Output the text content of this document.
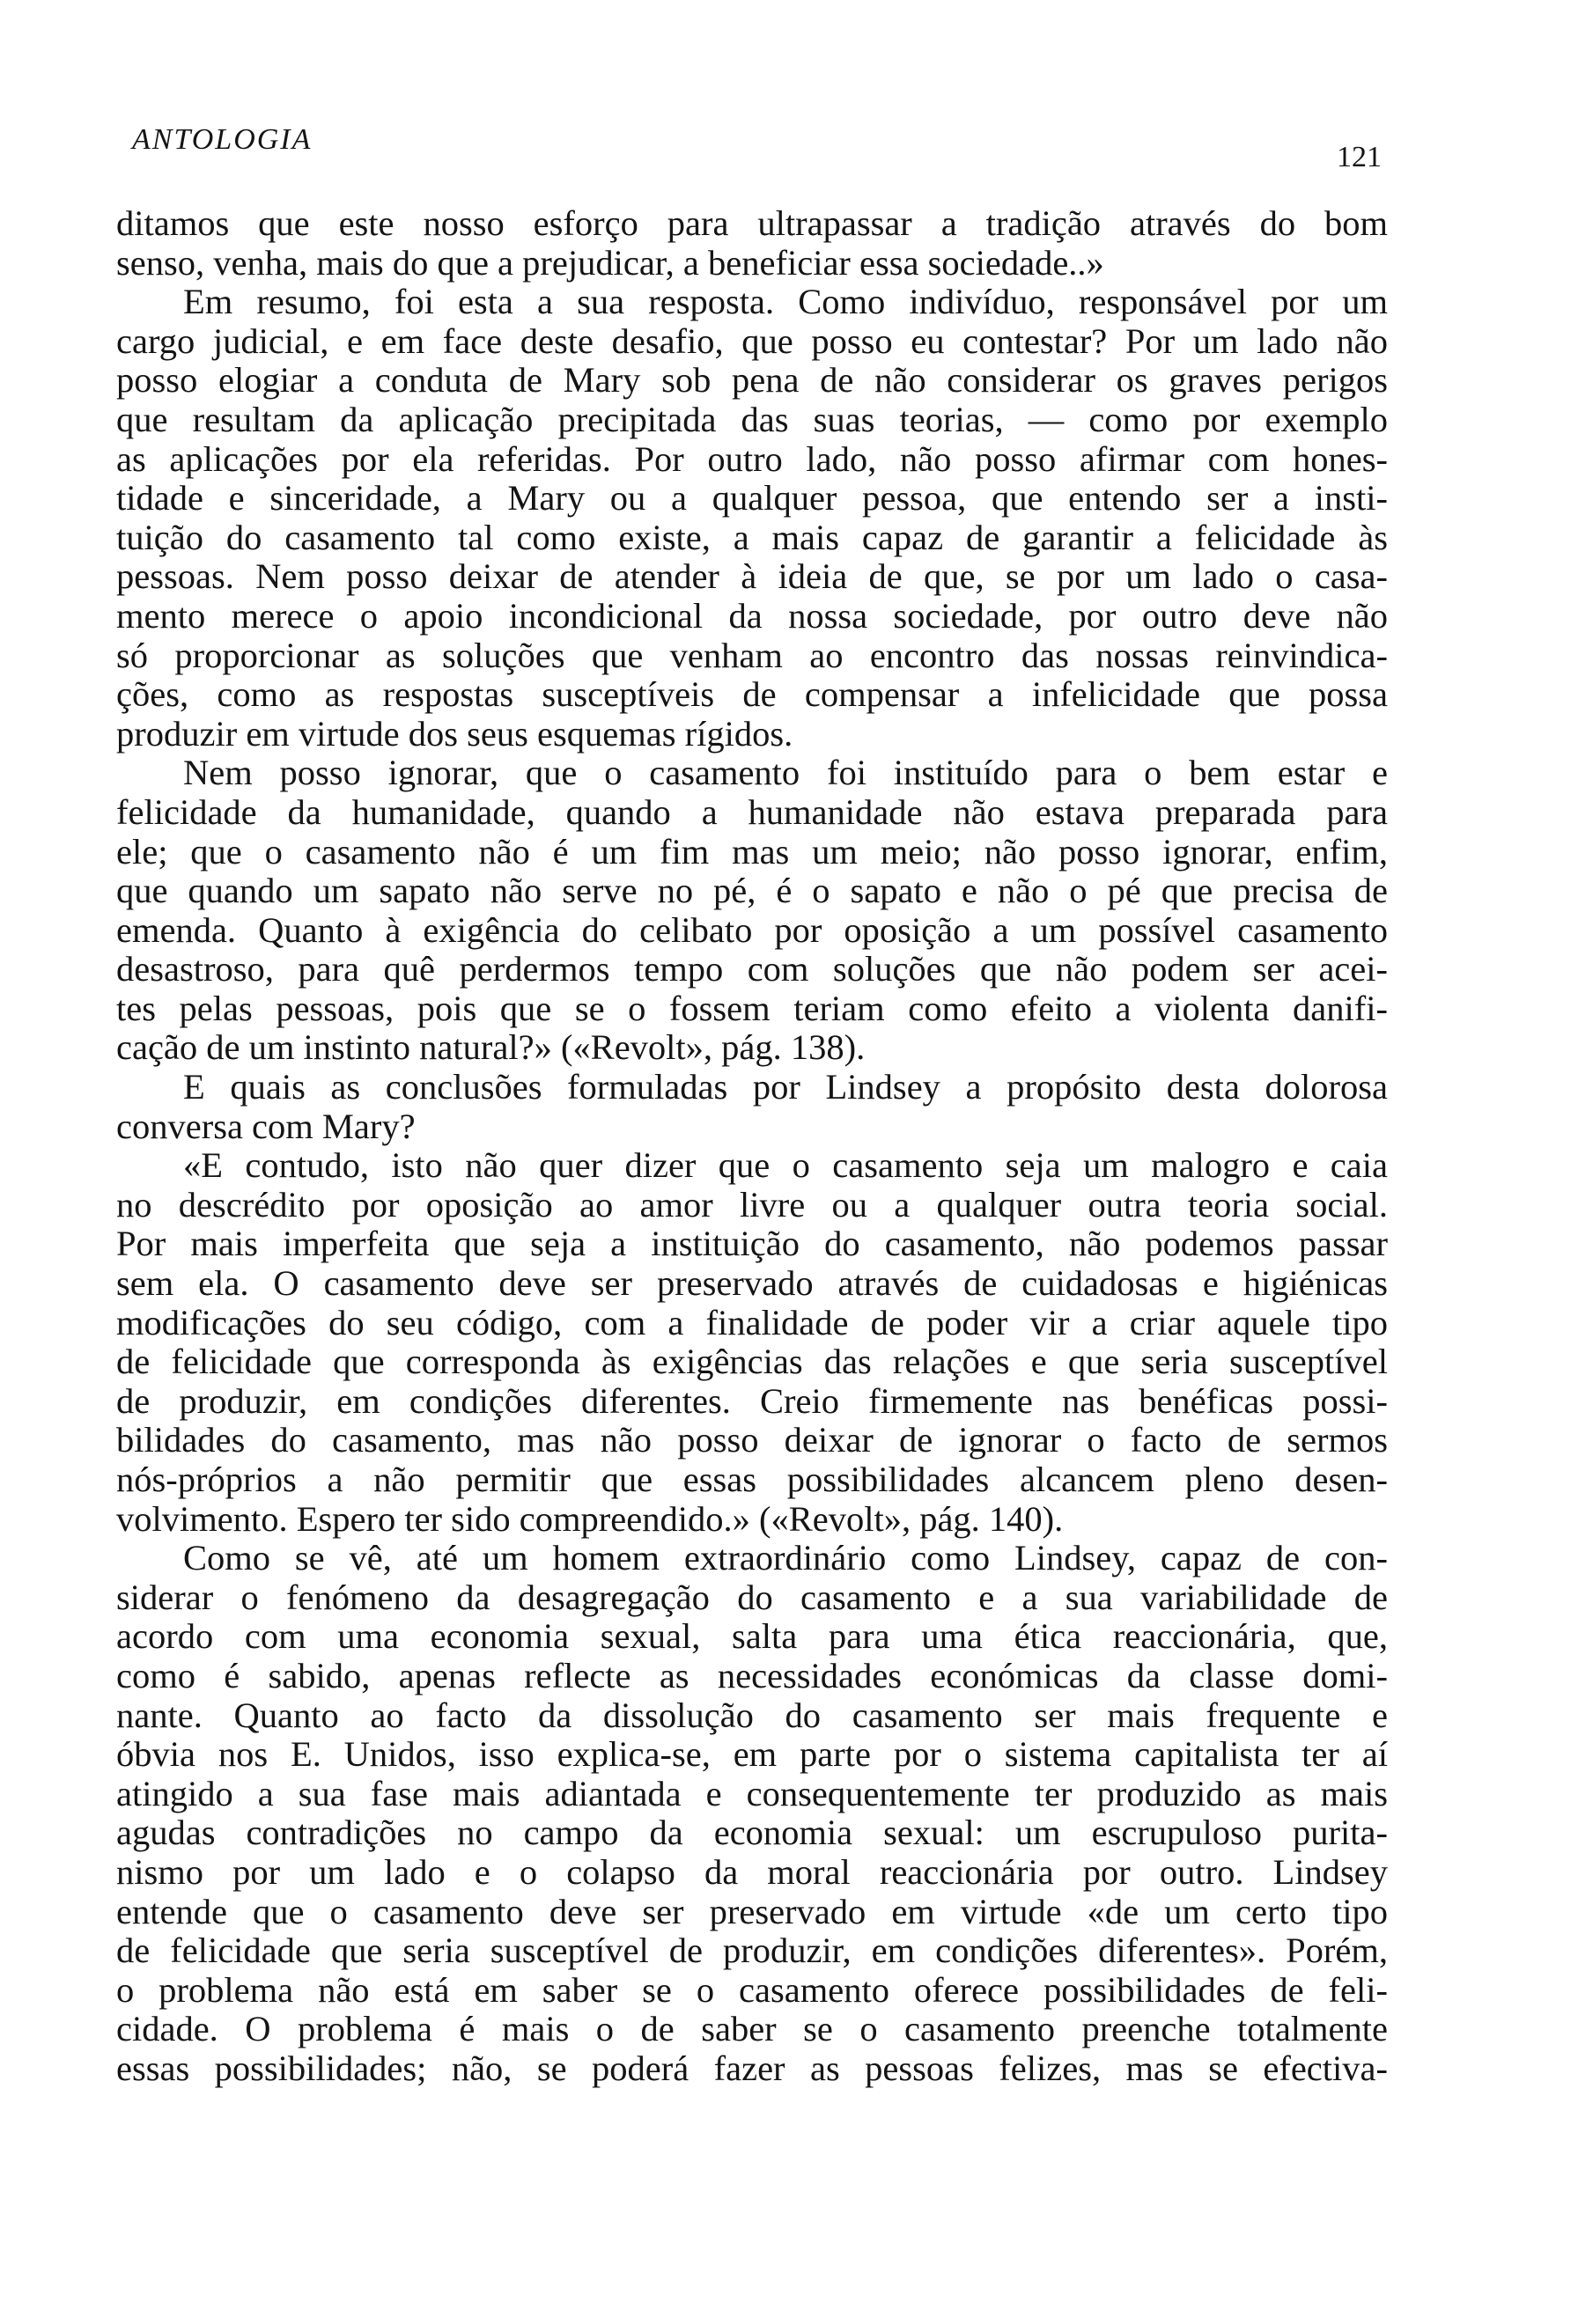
ANTOLOGIA
121
ditamos que este nosso esforço para ultrapassar a tradição através do bom
senso, venha, mais do que a prejudicar, a beneficiar essa sociedade..»
Em resumo, foi esta a sua resposta. Como indivíduo, responsável por um
cargo judicial, e em face deste desafio, que posso eu contestar? Por um lado não
posso elogiar a conduta de Mary sob pena de não considerar os graves perigos
que resultam da aplicação precipitada das suas teorias, — como por exemplo
as aplicações por ela referidas. Por outro lado, não posso afirmar com hones-
tidade e sinceridade, a Mary ou a qualquer pessoa, que entendo ser a insti-
tuição do casamento tal como existe, a mais capaz de garantir a felicidade às
pessoas. Nem posso deixar de atender à ideia de que, se por um lado o casa-
mento merece o apoio incondicional da nossa sociedade, por outro deve não
só proporcionar as soluções que venham ao encontro das nossas reinvindica-
ções, como as respostas susceptíveis de compensar a infelicidade que possa
produzir em virtude dos seus esquemas rígidos.
Nem posso ignorar, que o casamento foi instituído para o bem estar e
felicidade da humanidade, quando a humanidade não estava preparada para
ele; que o casamento não é um fim mas um meio; não posso ignorar, enfim,
que quando um sapato não serve no pé, é o sapato e não o pé que precisa de
emenda. Quanto à exigência do celibato por oposição a um possível casamento
desastroso, para quê perdermos tempo com soluções que não podem ser acei-
tes pelas pessoas, pois que se o fossem teriam como efeito a violenta danifi-
cação de um instinto natural?» («Revolt», pág. 138).
E quais as conclusões formuladas por Lindsey a propósito desta dolorosa
conversa com Mary?
«E contudo, isto não quer dizer que o casamento seja um malogro e caia
no descrédito por oposição ao amor livre ou a qualquer outra teoria social.
Por mais imperfeita que seja a instituição do casamento, não podemos passar
sem ela. O casamento deve ser preservado através de cuidadosas e higiénicas
modificações do seu código, com a finalidade de poder vir a criar aquele tipo
de felicidade que corresponda às exigências das relações e que seria susceptível
de produzir, em condições diferentes. Creio firmemente nas benéficas possi-
bilidades do casamento, mas não posso deixar de ignorar o facto de sermos
nós-próprios a não permitir que essas possibilidades alcancem pleno desen-
volvimento. Espero ter sido compreendido.» («Revolt», pág. 140).
Como se vê, até um homem extraordinário como Lindsey, capaz de con-
siderar o fenómeno da desagregação do casamento e a sua variabilidade de
acordo com uma economia sexual, salta para uma ética reaccionária, que,
como é sabido, apenas reflecte as necessidades económicas da classe domi-
nante. Quanto ao facto da dissolução do casamento ser mais frequente e
óbvia nos E. Unidos, isso explica-se, em parte por o sistema capitalista ter aí
atingido a sua fase mais adiantada e consequentemente ter produzido as mais
agudas contradições no campo da economia sexual: um escrupuloso purita-
nismo por um lado e o colapso da moral reaccionária por outro. Lindsey
entende que o casamento deve ser preservado em virtude «de um certo tipo
de felicidade que seria susceptível de produzir, em condições diferentes». Porém,
o problema não está em saber se o casamento oferece possibilidades de feli-
cidade. O problema é mais o de saber se o casamento preenche totalmente
essas possibilidades; não, se poderá fazer as pessoas felizes, mas se efectiva-
